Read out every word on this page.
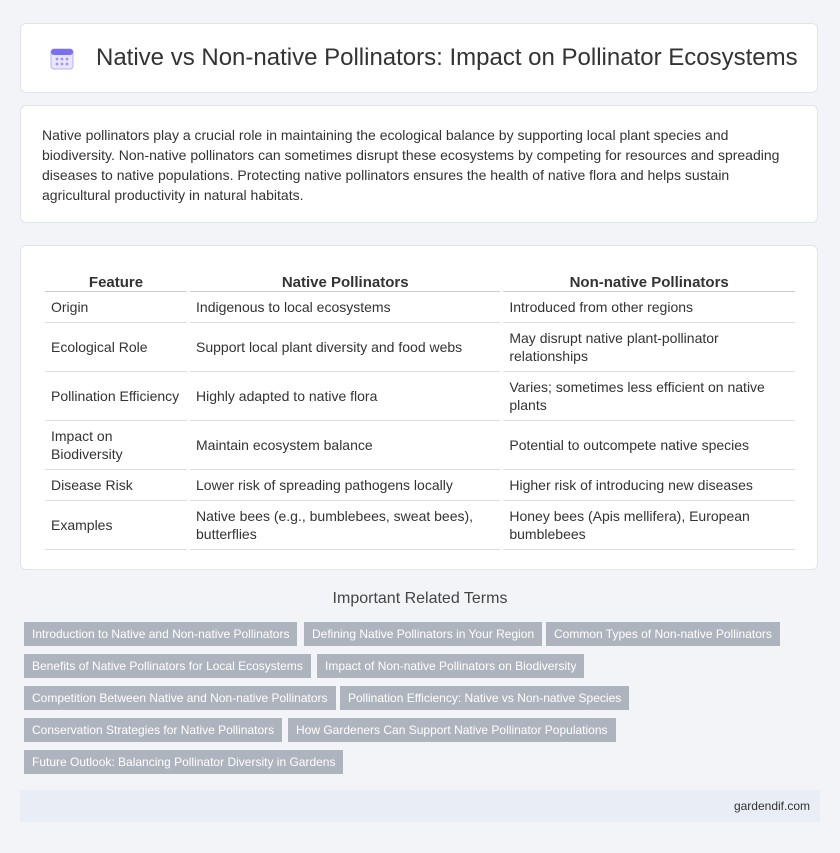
Native vs Non-native Pollinators: Impact on Pollinator Ecosystems

Native pollinators play a crucial role in maintaining the ecological balance by supporting local plant species and biodiversity. Non-native pollinators can sometimes disrupt these ecosystems by competing for resources and spreading diseases to native populations. Protecting native pollinators ensures the health of native flora and helps sustain agricultural productivity in natural habitats.

Feature	Native Pollinators	Non-native Pollinators
Origin	Indigenous to local ecosystems	Introduced from other regions
Ecological Role	Support local plant diversity and food webs	May disrupt native plant-pollinator relationships
Pollination Efficiency	Highly adapted to native flora	Varies; sometimes less efficient on native plants
Impact on Biodiversity	Maintain ecosystem balance	Potential to outcompete native species
Disease Risk	Lower risk of spreading pathogens locally	Higher risk of introducing new diseases
Examples	Native bees (e.g., bumblebees, sweat bees), butterflies	Honey bees (Apis mellifera), European bumblebees
Important Related Terms
Introduction to Native and Non-native Pollinators	Defining Native Pollinators in Your Region	Common Types of Non-native Pollinators
Benefits of Native Pollinators for Local Ecosystems	Impact of Non-native Pollinators on Biodiversity
Competition Between Native and Non-native Pollinators	Pollination Efficiency: Native vs Non-native Species
Conservation Strategies for Native Pollinators	How Gardeners Can Support Native Pollinator Populations
Future Outlook: Balancing Pollinator Diversity in Gardens
gardendif.com
